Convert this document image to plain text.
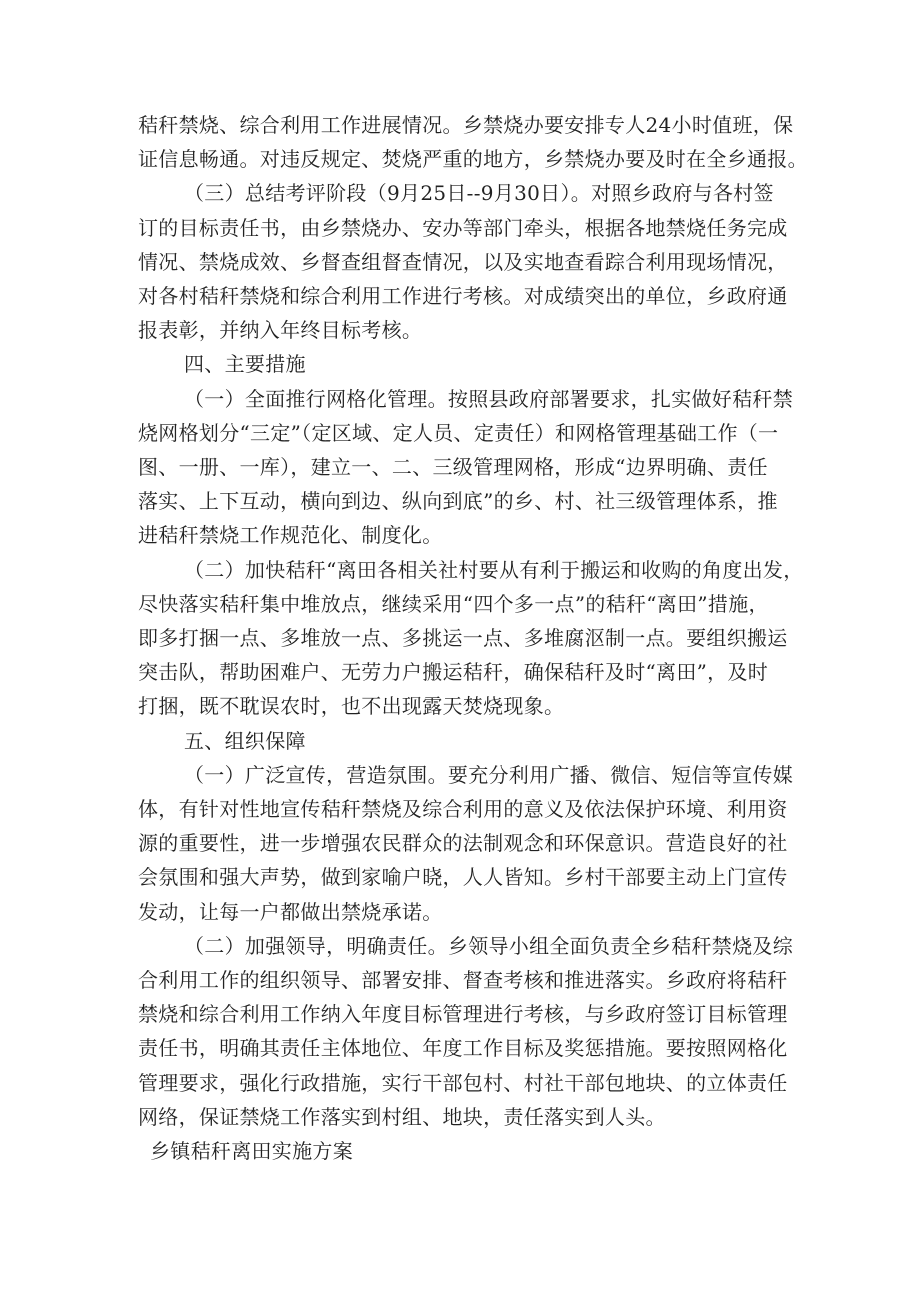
秸秆禁烧、综合利用工作进展情况。乡禁烧办要安排专人24小时值班，保
证信息畅通。对违反规定、焚烧严重的地方，乡禁烧办要及时在全乡通报。
（三）总结考评阶段（9月25日--9月30日）。对照乡政府与各村签
订的目标责任书，由乡禁烧办、安办等部门牵头，根据各地禁烧任务完成
情况、禁烧成效、乡督查组督查情况，以及实地查看踪合利用现场情况，
对各村秸秆禁烧和综合利用工作进行考核。对成绩突出的单位，乡政府通
报表彰，并纳入年终目标考核。
四、主要措施
（一）全面推行网格化管理。按照县政府部署要求，扎实做好秸秆禁
烧网格划分“三定”（定区域、定人员、定责任）和网格管理基础工作（一
图、一册、一库），建立一、二、三级管理网格，形成“边界明确、责任
落实、上下互动，横向到边、纵向到底”的乡、村、社三级管理体系，推
进秸秆禁烧工作规范化、制度化。
（二）加快秸秆“离田各相关社村要从有利于搬运和收购的角度出发，
尽快落实秸秆集中堆放点，继续采用“四个多一点”的秸秆“离田”措施，
即多打捆一点、多堆放一点、多挑运一点、多堆腐沤制一点。要组织搬运
突击队，帮助困难户、无劳力户搬运秸秆，确保秸秆及时“离田”，及时
打捆，既不耽误农时，也不出现露天焚烧现象。
五、组织保障
（一）广泛宣传，营造氛围。要充分利用广播、微信、短信等宣传媒
体，有针对性地宣传秸秆禁烧及综合利用的意义及依法保护环境、利用资
源的重要性，进一步增强农民群众的法制观念和环保意识。营造良好的社
会氛围和强大声势，做到家喻户晓，人人皆知。乡村干部要主动上门宣传
发动，让每一户都做出禁烧承诺。
（二）加强领导，明确责任。乡领导小组全面负责全乡秸秆禁烧及综
合利用工作的组织领导、部署安排、督查考核和推进落实。乡政府将秸秆
禁烧和综合利用工作纳入年度目标管理进行考核，与乡政府签订目标管理
责任书，明确其责任主体地位、年度工作目标及奖惩措施。要按照网格化
管理要求，强化行政措施，实行干部包村、村社干部包地块、的立体责任
网络，保证禁烧工作落实到村组、地块，责任落实到人头。
乡镇秸秆离田实施方案
